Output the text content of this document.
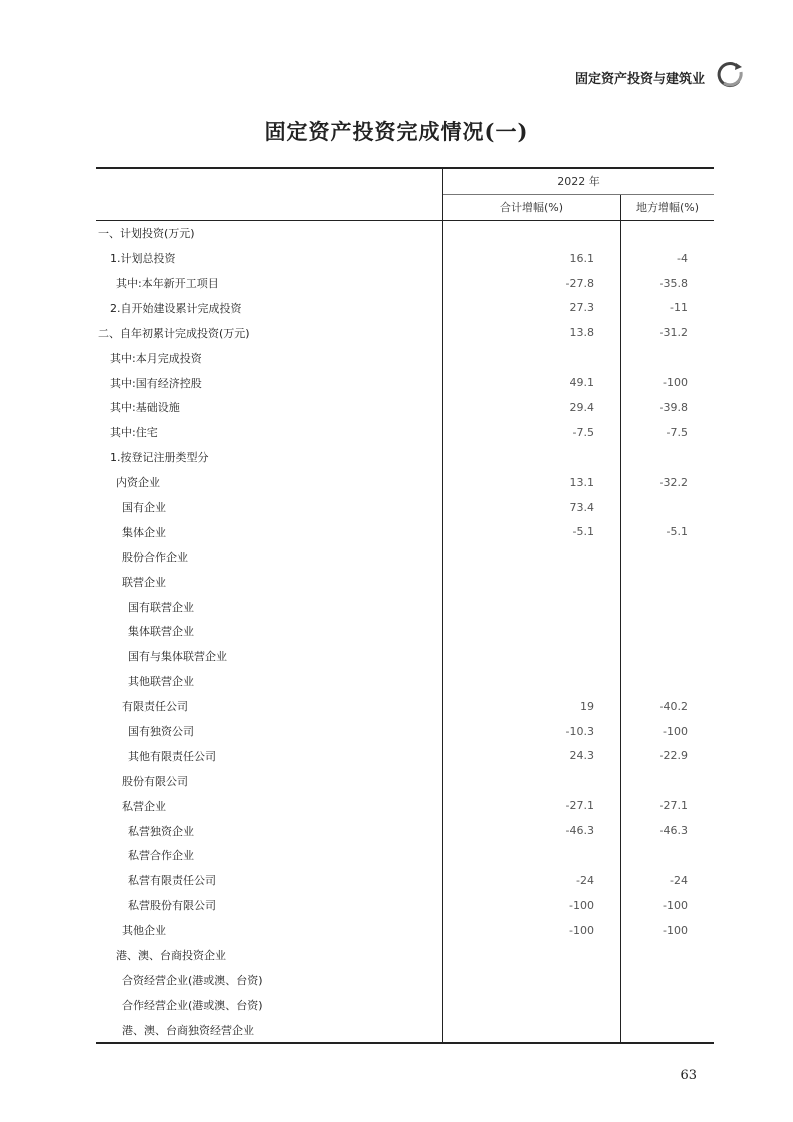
固定资产投资与建筑业
固定资产投资完成情况(一)
	2022 年	
	合计增幅(%)	地方增幅(%)
一、计划投资(万元)		
1.计划总投资	16.1	-4
其中:本年新开工项目	-27.8	-35.8
2.自开始建设累计完成投资	27.3	-11
二、自年初累计完成投资(万元)	13.8	-31.2
其中:本月完成投资		
其中:国有经济控股	49.1	-100
其中:基础设施	29.4	-39.8
其中:住宅	-7.5	-7.5
1.按登记注册类型分		
内资企业	13.1	-32.2
国有企业	73.4	
集体企业	-5.1	-5.1
股份合作企业		
联营企业		
国有联营企业		
集体联营企业		
国有与集体联营企业		
其他联营企业		
有限责任公司	19	-40.2
国有独资公司	-10.3	-100
其他有限责任公司	24.3	-22.9
股份有限公司		
私营企业	-27.1	-27.1
私营独资企业	-46.3	-46.3
私营合作企业		
私营有限责任公司	-24	-24
私营股份有限公司	-100	-100
其他企业	-100	-100
港、澳、台商投资企业		
合资经营企业(港或澳、台资)		
合作经营企业(港或澳、台资)		
港、澳、台商独资经营企业		
63
